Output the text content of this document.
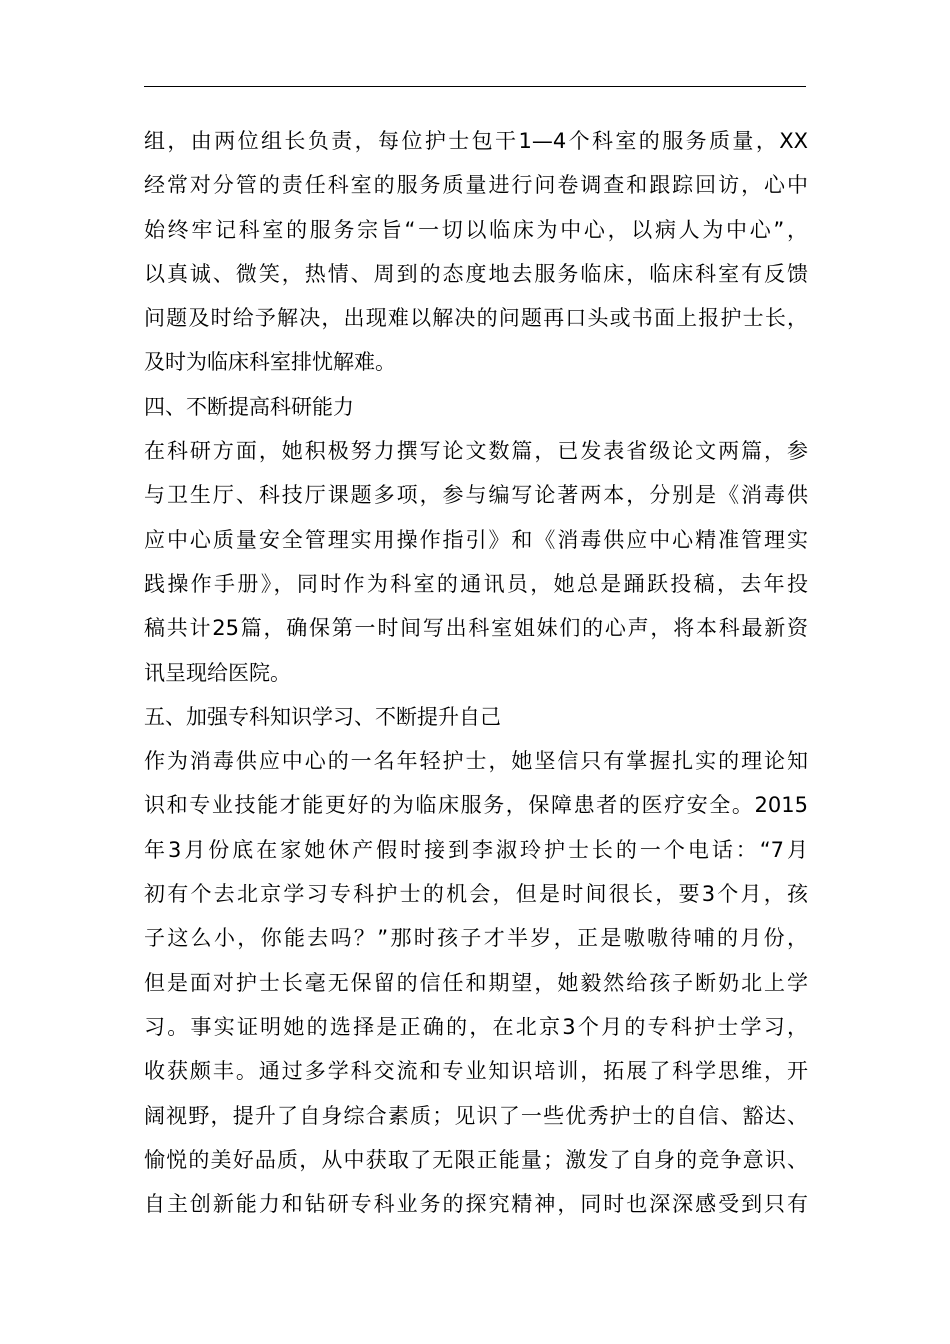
组，由两位组长负责，每位护士包干1—4个科室的服务质量，XX
经常对分管的责任科室的服务质量进行问卷调查和跟踪回访，心中
始终牢记科室的服务宗旨“一切以临床为中心，以病人为中心”，
以真诚、微笑，热情、周到的态度地去服务临床，临床科室有反馈
问题及时给予解决，出现难以解决的问题再口头或书面上报护士长，
及时为临床科室排忧解难。
四、不断提高科研能力
在科研方面，她积极努力撰写论文数篇，已发表省级论文两篇，参
与卫生厅、科技厅课题多项，参与编写论著两本，分别是《消毒供
应中心质量安全管理实用操作指引》和《消毒供应中心精准管理实
践操作手册》，同时作为科室的通讯员，她总是踊跃投稿，去年投
稿共计25篇，确保第一时间写出科室姐妹们的心声，将本科最新资
讯呈现给医院。
五、加强专科知识学习、不断提升自己
作为消毒供应中心的一名年轻护士，她坚信只有掌握扎实的理论知
识和专业技能才能更好的为临床服务，保障患者的医疗安全。2015
年3月份底在家她休产假时接到李淑玲护士长的一个电话：“7月
初有个去北京学习专科护士的机会，但是时间很长，要3个月，孩
子这么小，你能去吗？”那时孩子才半岁，正是嗷嗷待哺的月份，
但是面对护士长毫无保留的信任和期望，她毅然给孩子断奶北上学
习。事实证明她的选择是正确的，在北京3个月的专科护士学习，
收获颇丰。通过多学科交流和专业知识培训，拓展了科学思维，开
阔视野，提升了自身综合素质；见识了一些优秀护士的自信、豁达、
愉悦的美好品质，从中获取了无限正能量；激发了自身的竞争意识、
自主创新能力和钻研专科业务的探究精神，同时也深深感受到只有
